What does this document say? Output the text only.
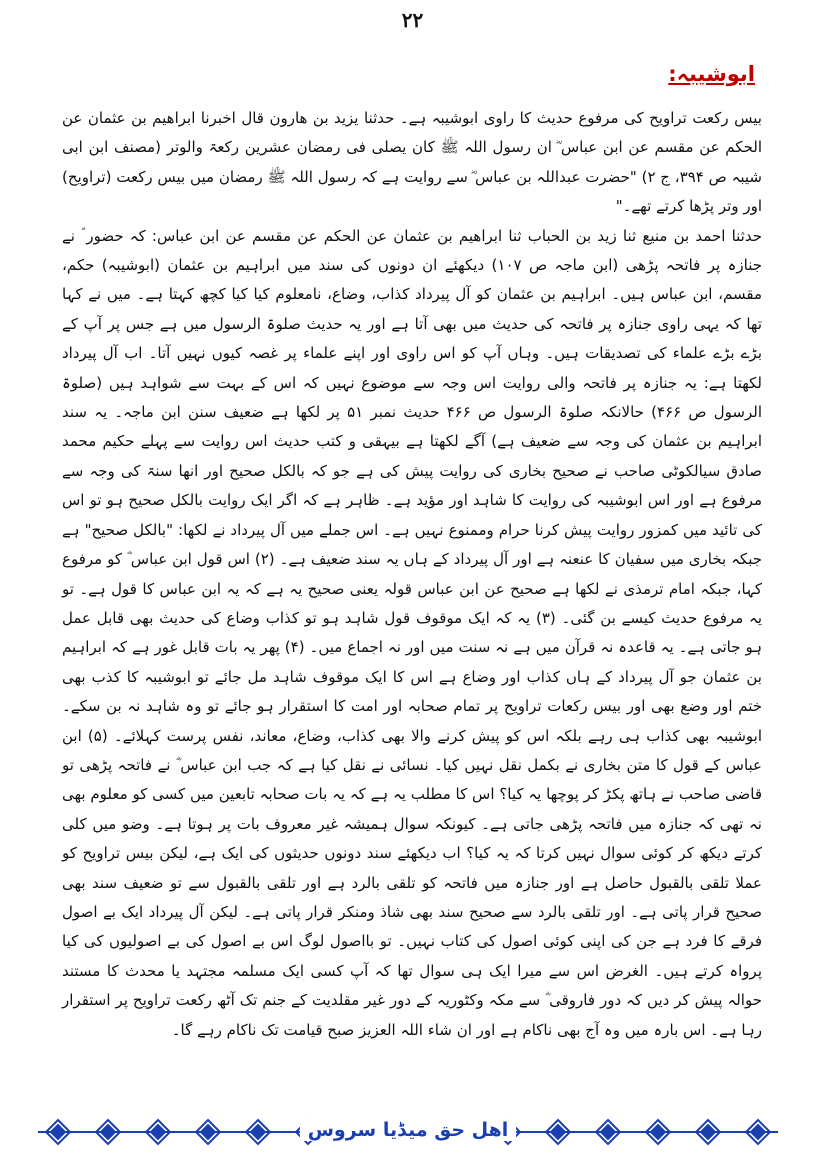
۲۲
ابوشیبہ:

بیس رکعت تراویح کی مرفوع حدیث کا راوی ابوشیبہ ہے۔ حدثنا یزید بن ھارون قال اخبرنا ابراھیم بن عثمان عن الحکم عن مقسم عن ابن عباس ؓ ان رسول اللہ ﷺ کان یصلی فی رمضان عشرین رکعۃ والوتر (مصنف ابن ابی شیبہ ص ۳۹۴، ج ۲) "حضرت عبداللہ بن عباس ؓ سے روایت ہے کہ رسول اللہ ﷺ رمضان میں بیس رکعت (تراویح) اور وتر پڑھا کرتے تھے۔"

حدثنا احمد بن منیع ثنا زید بن الحباب ثنا ابراھیم بن عثمان عن الحکم عن مقسم عن ابن عباس: کہ حضور ؐ نے جنازہ پر فاتحہ پڑھی (ابن ماجہ ص ۱۰۷) دیکھئے ان دونوں کی سند میں ابراہیم بن عثمان (ابوشیبہ) حکم، مقسم، ابن عباس ہیں۔ ابراہیم بن عثمان کو آل پیرداد کذاب، وضاع، نامعلوم کیا کیا کچھ کہتا ہے۔ میں نے کہا تھا کہ یہی راوی جنازہ پر فاتحہ کی حدیث میں بھی آتا ہے اور یہ حدیث صلوۃ الرسول میں ہے جس پر آپ کے بڑے بڑے علماء کی تصدیقات ہیں۔ وہاں آپ کو اس راوی اور اپنے علماء پر غصہ کیوں نہیں آتا۔ اب آل پیرداد لکھتا ہے: یہ جنازہ پر فاتحہ والی روایت اس وجہ سے موضوع نہیں کہ اس کے بہت سے شواہد ہیں (صلوۃ الرسول ص ۴۶۶) حالانکہ صلوۃ الرسول ص ۴۶۶ حدیث نمبر ۵۱ پر لکھا ہے ضعیف سنن ابن ماجہ۔ یہ سند ابراہیم بن عثمان کی وجہ سے ضعیف ہے) آگے لکھتا ہے بیہقی و کتب حدیث اس روایت سے پہلے حکیم محمد صادق سیالکوٹی صاحب نے صحیح بخاری کی روایت پیش کی ہے جو کہ بالکل صحیح اور انھا سنۃ کی وجہ سے مرفوع ہے اور اس ابوشیبہ کی روایت کا شاہد اور مؤید ہے۔ ظاہر ہے کہ اگر ایک روایت بالکل صحیح ہو تو اس کی تائید میں کمزور روایت پیش کرنا حرام وممنوع نہیں ہے۔ اس جملے میں آل پیرداد نے لکھا: "بالکل صحیح" ہے جبکہ بخاری میں سفیان کا عنعنہ ہے اور آل پیرداد کے ہاں یہ سند ضعیف ہے۔ (۲) اس قول ابن عباس ؓ کو مرفوع کہا، جبکہ امام ترمذی نے لکھا ہے صحیح عن ابن عباس قولہ یعنی صحیح یہ ہے کہ یہ ابن عباس کا قول ہے۔ تو یہ مرفوع حدیث کیسے بن گئی۔ (۳) یہ کہ ایک موقوف قول شاہد ہو تو کذاب وضاع کی حدیث بھی قابل عمل ہو جاتی ہے۔ یہ قاعدہ نہ قرآن میں ہے نہ سنت میں اور نہ اجماع میں۔ (۴) پھر یہ بات قابل غور ہے کہ ابراہیم بن عثمان جو آل پیرداد کے ہاں کذاب اور وضاع ہے اس کا ایک موقوف شاہد مل جائے تو ابوشیبہ کا کذب بھی ختم اور وضع بھی اور بیس رکعات تراویح پر تمام صحابہ اور امت کا استقرار ہو جائے تو وہ شاہد نہ بن سکے۔ ابوشیبہ بھی کذاب ہی رہے بلکہ اس کو پیش کرنے والا بھی کذاب، وضاع، معاند، نفس پرست کہلائے۔ (۵) ابن عباس کے قول کا متن بخاری نے بکمل نقل نہیں کیا۔ نسائی نے نقل کیا ہے کہ جب ابن عباس ؓ نے فاتحہ پڑھی تو قاضی صاحب نے ہاتھ پکڑ کر پوچھا یہ کیا؟ اس کا مطلب یہ ہے کہ یہ بات صحابہ تابعین میں کسی کو معلوم بھی نہ تھی کہ جنازہ میں فاتحہ پڑھی جاتی ہے۔ کیونکہ سوال ہمیشہ غیر معروف بات پر ہوتا ہے۔ وضو میں کلی کرتے دیکھ کر کوئی سوال نہیں کرتا کہ یہ کیا؟ اب دیکھئے سند دونوں حدیثوں کی ایک ہے، لیکن بیس تراویح کو عملا تلقی بالقبول حاصل ہے اور جنازہ میں فاتحہ کو تلقی بالرد ہے اور تلقی بالقبول سے تو ضعیف سند بھی صحیح قرار پاتی ہے۔ اور تلقی بالرد سے صحیح سند بھی شاذ ومنکر قرار پاتی ہے۔ لیکن آل پیرداد ایک بے اصول فرقے کا فرد ہے جن کی اپنی کوئی اصول کی کتاب نہیں۔ تو بااصول لوگ اس بے اصول کی بے اصولیوں کی کیا پرواہ کرتے ہیں۔ الغرض اس سے میرا ایک ہی سوال تھا کہ آپ کسی ایک مسلمہ مجتہد یا محدث کا مستند حوالہ پیش کر دیں کہ دور فاروقی ؓ سے مکہ وکٹوریہ کے دور غیر مقلدیت کے جنم تک آٹھ رکعت تراویح پر استقرار رہا ہے۔ اس بارہ میں وہ آج بھی ناکام ہے اور ان شاء اللہ العزیز صبح قیامت تک ناکام رہے گا۔

اھل حق میڈیا سروس
